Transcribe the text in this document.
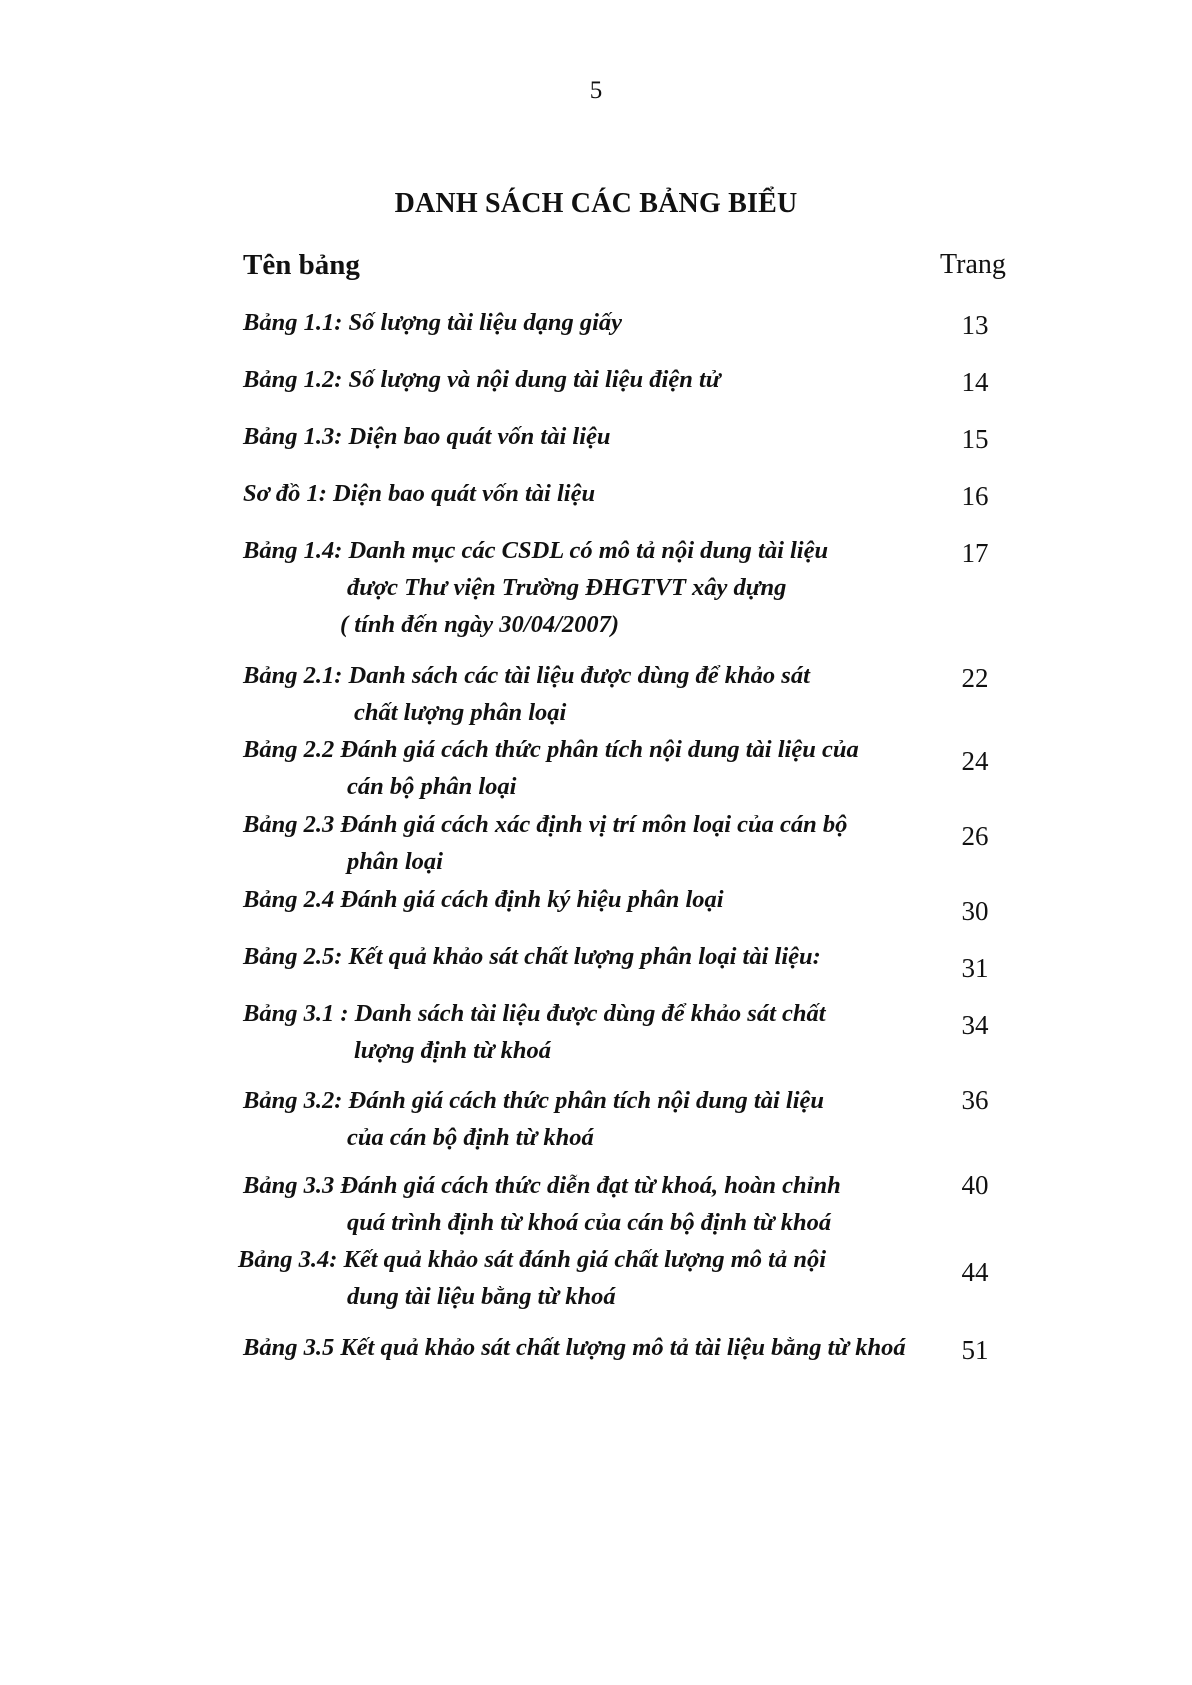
5
DANH SÁCH CÁC BẢNG BIỂU
Tên bảng	Trang
Bảng 1.1: Số lượng tài liệu dạng giấy	13
Bảng 1.2: Số lượng và nội dung tài liệu điện tử	14
Bảng 1.3: Diện bao quát vốn tài liệu	15
Sơ đồ 1: Diện bao quát vốn tài liệu	16
Bảng 1.4: Danh mục các CSDL có mô tả nội dung tài liệu
được Thư viện Trường ĐHGTVT xây dựng
( tính đến ngày 30/04/2007)
17
Bảng 2.1: Danh sách các tài liệu được dùng để khảo sát
chất lượng phân loại
22
Bảng 2.2 Đánh giá cách thức phân tích nội dung tài liệu của
cán bộ phân loại
24
Bảng 2.3 Đánh giá cách xác định vị trí môn loại của cán bộ
phân loại
26
Bảng 2.4 Đánh giá cách định ký hiệu phân loại	30
Bảng 2.5: Kết quả khảo sát chất lượng phân loại tài liệu:	31
Bảng 3.1 : Danh sách tài liệu được dùng để khảo sát chất
lượng định từ khoá
34
Bảng 3.2: Đánh giá cách thức phân tích nội dung tài liệu
của cán bộ định từ khoá
36
Bảng 3.3 Đánh giá cách thức diễn đạt từ khoá, hoàn chỉnh
quá trình định từ khoá của cán bộ định từ khoá
40
Bảng 3.4: Kết quả khảo sát đánh giá chất lượng mô tả nội
dung tài liệu bằng từ khoá
44
Bảng 3.5 Kết quả khảo sát chất lượng mô tả tài liệu bằng từ khoá	51
